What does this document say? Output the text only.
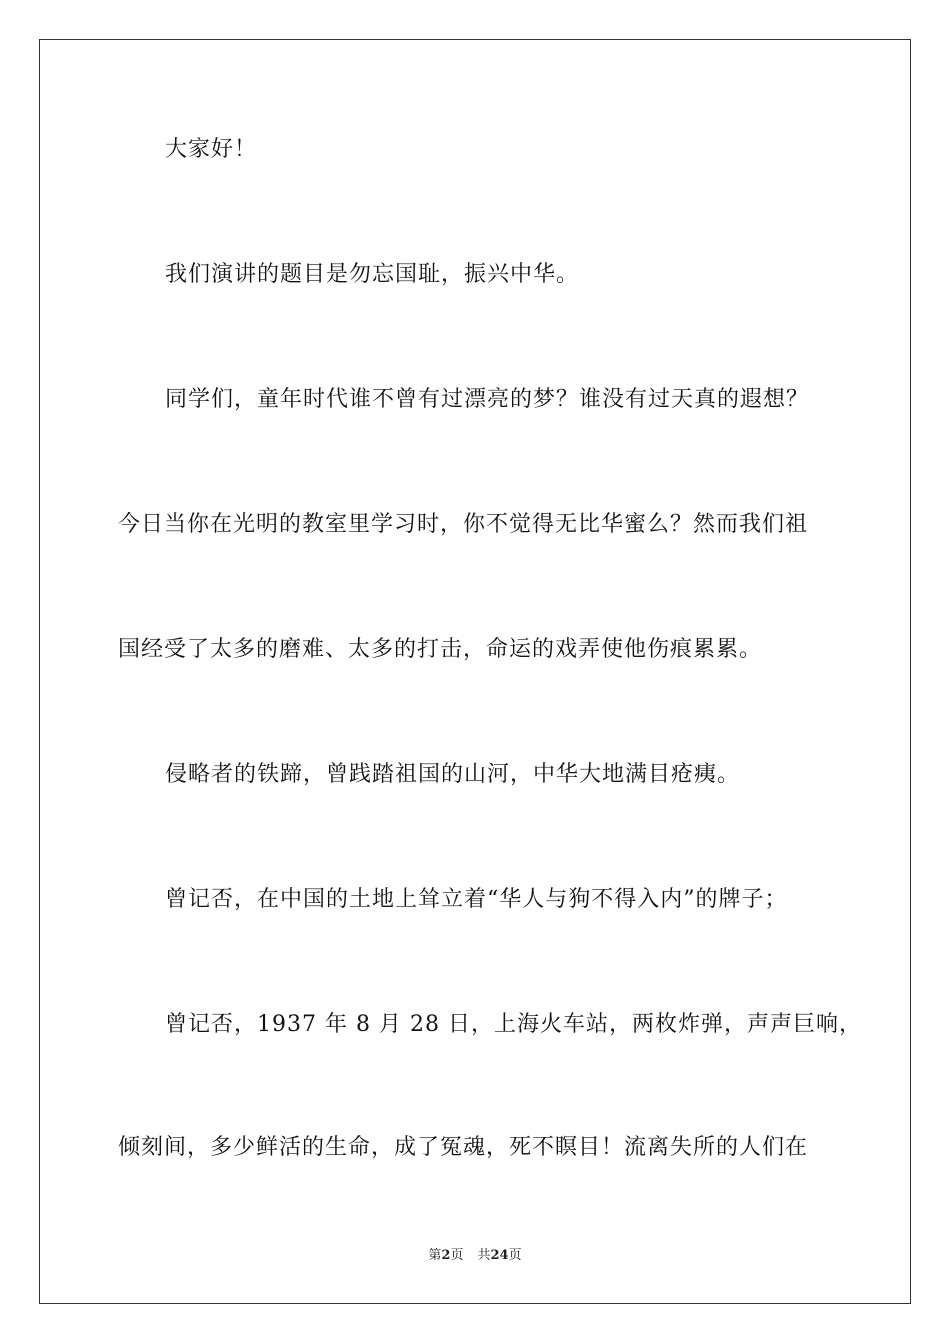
大家好！
我们演讲的题目是勿忘国耻，振兴中华。
同学们，童年时代谁不曾有过漂亮的梦？谁没有过天真的遐想？
今日当你在光明的教室里学习时，你不觉得无比华蜜么？然而我们祖
国经受了太多的磨难、太多的打击，命运的戏弄使他伤痕累累。
侵略者的铁蹄，曾践踏祖国的山河，中华大地满目疮痍。
曾记否，在中国的土地上耸立着“华人与狗不得入内”的牌子；
曾记否，1937 年 8 月 28 日，上海火车站，两枚炸弹，声声巨响，
倾刻间，多少鲜活的生命，成了冤魂，死不瞑目！流离失所的人们在
第2页 共24页
